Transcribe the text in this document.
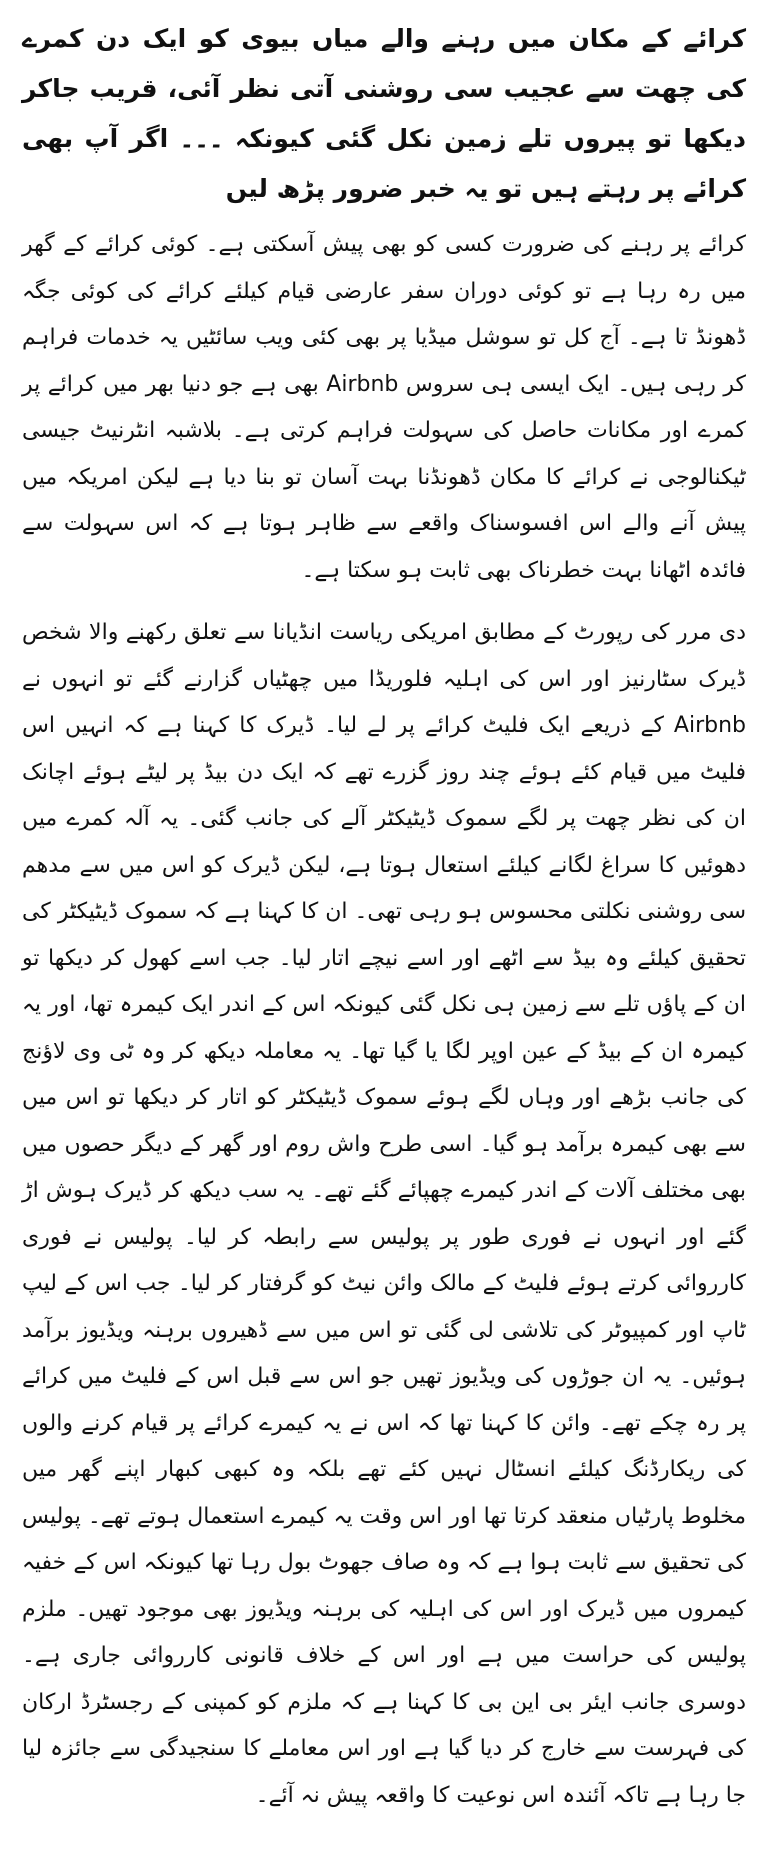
کرائے کے مکان میں رہنے والے میاں بیوی کو ایک دن کمرے کی چھت سے عجیب سی روشنی آتی نظر آئی، قریب جاکر دیکھا تو پیروں تلے زمین نکل گئی کیونکہ ۔۔۔ اگر آپ بھی کرائے پر رہتے ہیں تو یہ خبر ضرور پڑھ لیں

کرائے پر رہنے کی ضرورت کسی کو بھی پیش آسکتی ہے۔ کوئی کرائے کے گھر میں رہ رہا ہے تو کوئی دوران سفر عارضی قیام کیلئے کرائے کی کوئی جگہ ڈھونڈ تا ہے۔ آج کل تو سوشل میڈیا پر بھی کئی ویب سائٹیں یہ خدمات فراہم کر رہی ہیں۔ ایک ایسی ہی سروس Airbnb بھی ہے جو دنیا بھر میں کرائے پر کمرے اور مکانات حاصل کی سہولت فراہم کرتی ہے۔ بلاشبہ انٹرنیٹ جیسی ٹیکنالوجی نے کرائے کا مکان ڈھونڈنا بہت آسان تو بنا دیا ہے لیکن امریکہ میں پیش آنے والے اس افسوسناک واقعے سے ظاہر ہوتا ہے کہ اس سہولت سے فائدہ اٹھانا بہت خطرناک بھی ثابت ہو سکتا ہے۔

دی مرر کی رپورٹ کے مطابق امریکی ریاست انڈیانا سے تعلق رکھنے والا شخص ڈیرک سٹارنیز اور اس کی اہلیہ فلوریڈا میں چھٹیاں گزارنے گئے تو انہوں نے Airbnb کے ذریعے ایک فلیٹ کرائے پر لے لیا۔ ڈیرک کا کہنا ہے کہ انہیں اس فلیٹ میں قیام کئے ہوئے چند روز گزرے تھے کہ ایک دن بیڈ پر لیٹے ہوئے اچانک ان کی نظر چھت پر لگے سموک ڈیٹیکٹر آلے کی جانب گئی۔ یہ آلہ کمرے میں دھوئیں کا سراغ لگانے کیلئے استعال ہوتا ہے، لیکن ڈیرک کو اس میں سے مدھم سی روشنی نکلتی محسوس ہو رہی تھی۔ ان کا کہنا ہے کہ سموک ڈیٹیکٹر کی تحقیق کیلئے وہ بیڈ سے اٹھے اور اسے نیچے اتار لیا۔ جب اسے کھول کر دیکھا تو ان کے پاؤں تلے سے زمین ہی نکل گئی کیونکہ اس کے اندر ایک کیمرہ تھا، اور یہ کیمرہ ان کے بیڈ کے عین اوپر لگا یا گیا تھا۔ یہ معاملہ دیکھ کر وہ ٹی وی لاؤنج کی جانب بڑھے اور وہاں لگے ہوئے سموک ڈیٹیکٹر کو اتار کر دیکھا تو اس میں سے بھی کیمرہ برآمد ہو گیا۔ اسی طرح واش روم اور گھر کے دیگر حصوں میں بھی مختلف آلات کے اندر کیمرے چھپائے گئے تھے۔ یہ سب دیکھ کر ڈیرک ہوش اڑ گئے اور انہوں نے فوری طور پر پولیس سے رابطہ کر لیا۔ پولیس نے فوری کارروائی کرتے ہوئے فلیٹ کے مالک وائن نیٹ کو گرفتار کر لیا۔ جب اس کے لیپ ٹاپ اور کمپیوٹر کی تلاشی لی گئی تو اس میں سے ڈھیروں برہنہ ویڈیوز برآمد ہوئیں۔ یہ ان جوڑوں کی ویڈیوز تھیں جو اس سے قبل اس کے فلیٹ میں کرائے پر رہ چکے تھے۔ وائن کا کہنا تھا کہ اس نے یہ کیمرے کرائے پر قیام کرنے والوں کی ریکارڈنگ کیلئے انسٹال نہیں کئے تھے بلکہ وہ کبھی کبھار اپنے گھر میں مخلوط پارٹیاں منعقد کرتا تھا اور اس وقت یہ کیمرے استعمال ہوتے تھے۔ پولیس کی تحقیق سے ثابت ہوا ہے کہ وہ صاف جھوٹ بول رہا تھا کیونکہ اس کے خفیہ کیمروں میں ڈیرک اور اس کی اہلیہ کی برہنہ ویڈیوز بھی موجود تھیں۔ ملزم پولیس کی حراست میں ہے اور اس کے خلاف قانونی کارروائی جاری ہے۔ دوسری جانب ایئر بی این بی کا کہنا ہے کہ ملزم کو کمپنی کے رجسٹرڈ ارکان کی فہرست سے خارج کر دیا گیا ہے اور اس معاملے کا سنجیدگی سے جائزہ لیا جا رہا ہے تاکہ آئندہ اس نوعیت کا واقعہ پیش نہ آئے۔
